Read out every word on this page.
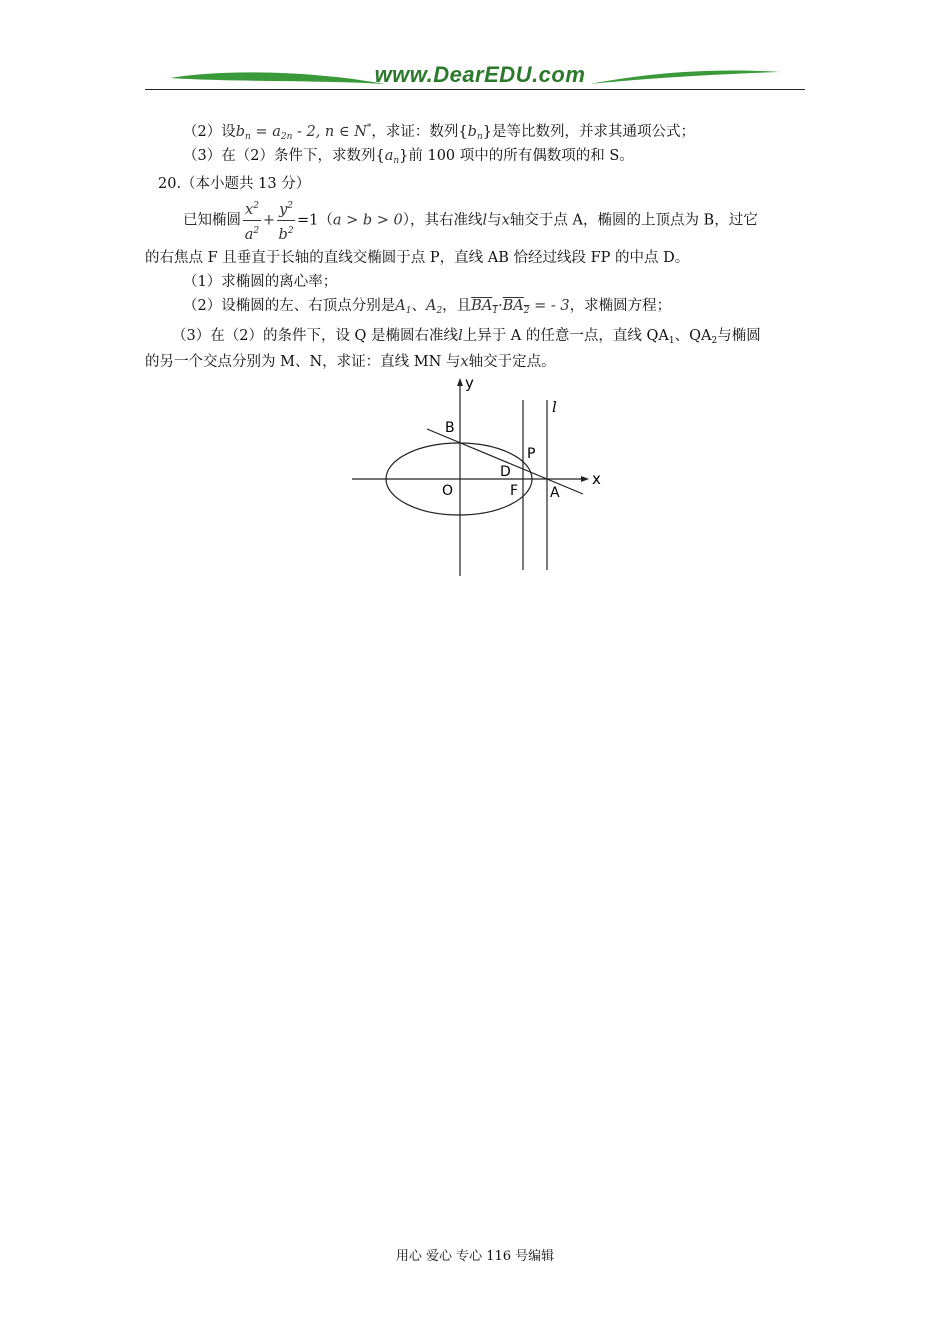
www.DearEDU.com
（2）设$b_n = a_{2n} - 2$, n ∈ N*，求证：数列$\{b_n\}$是等比数列，并求其通项公式；
（3）在（2）条件下，求数列$\{a_n\}$前 100 项中的所有偶数项的和 S。
20.（本小题共 13 分）
已知椭圆 $\frac{x^2}{a^2} + \frac{y^2}{b^2} =1(a > b > 0)$，其右准线l与x轴交于点 A，椭圆的上顶点为 B，过它
的右焦点 F 且垂直于长轴的直线交椭圆于点 P，直线 AB 恰经过线段 FP 的中点 D。
（1）求椭圆的离心率；
（2）设椭圆的左、右顶点分别是$A_1$、$A_2$，且$BA_1\cdot BA_2$ = - 3，求椭圆方程；
（3）在（2）的条件下，设 Q 是椭圆右准线l上异于 A 的任意一点，直线 $QA_1$、$QA_2$与椭圆
的另一个交点分别为 M、N，求证：直线 MN 与x轴交于定点。
y
x
l
B
P
D
O	F A
用心 爱心 专心 116 号编辑
